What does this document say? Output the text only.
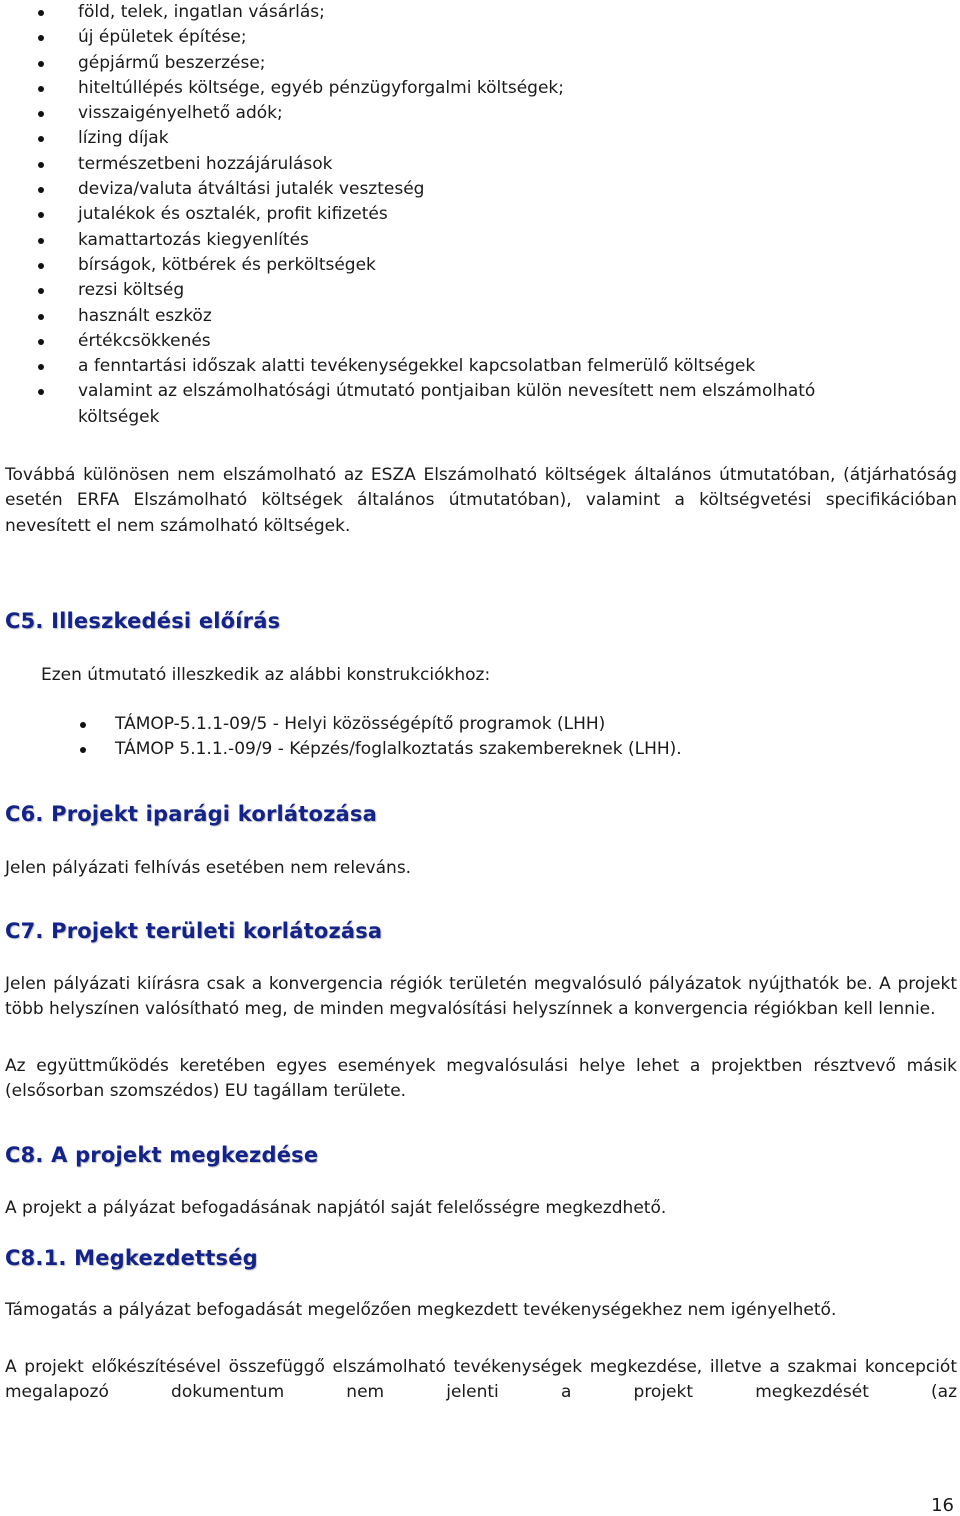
föld, telek, ingatlan vásárlás;
új épületek építése;
gépjármű beszerzése;
hiteltúllépés költsége, egyéb pénzügyforgalmi költségek;
visszaigényelhető adók;
lízing díjak
természetbeni hozzájárulások
deviza/valuta átváltási jutalék veszteség
jutalékok és osztalék, profit kifizetés
kamattartozás kiegyenlítés
bírságok, kötbérek és perköltségek
rezsi költség
használt eszköz
értékcsökkenés
a fenntartási időszak alatti tevékenységekkel kapcsolatban felmerülő költségek
valamint az elszámolhatósági útmutató pontjaiban külön nevesített nem elszámolható költségek

Továbbá különösen nem elszámolható az ESZA Elszámolható költségek általános útmutatóban, (átjárhatóság esetén ERFA Elszámolható költségek általános útmutatóban), valamint a költségvetési specifikációban nevesített el nem számolható költségek.

C5. Illeszkedési előírás

Ezen útmutató illeszkedik az alábbi konstrukciókhoz:

TÁMOP-5.1.1-09/5 - Helyi közösségépítő programok (LHH)
TÁMOP 5.1.1.-09/9 - Képzés/foglalkoztatás szakembereknek (LHH).
C6. Projekt iparági korlátozása

Jelen pályázati felhívás esetében nem releváns.

C7. Projekt területi korlátozása

Jelen pályázati kiírásra csak a konvergencia régiók területén megvalósuló pályázatok nyújthatók be. A projekt több helyszínen valósítható meg, de minden megvalósítási helyszínnek a konvergencia régiókban kell lennie.

Az együttműködés keretében egyes események megvalósulási helye lehet a projektben résztvevő másik (elsősorban szomszédos) EU tagállam területe.

C8. A projekt megkezdése

A projekt a pályázat befogadásának napjától saját felelősségre megkezdhető.

C8.1. Megkezdettség

Támogatás a pályázat befogadását megelőzően megkezdett tevékenységekhez nem igényelhető.

A projekt előkészítésével összefüggő elszámolható tevékenységek megkezdése, illetve a szakmai koncepciót megalapozó dokumentum nem jelenti a projekt megkezdését (az

16
